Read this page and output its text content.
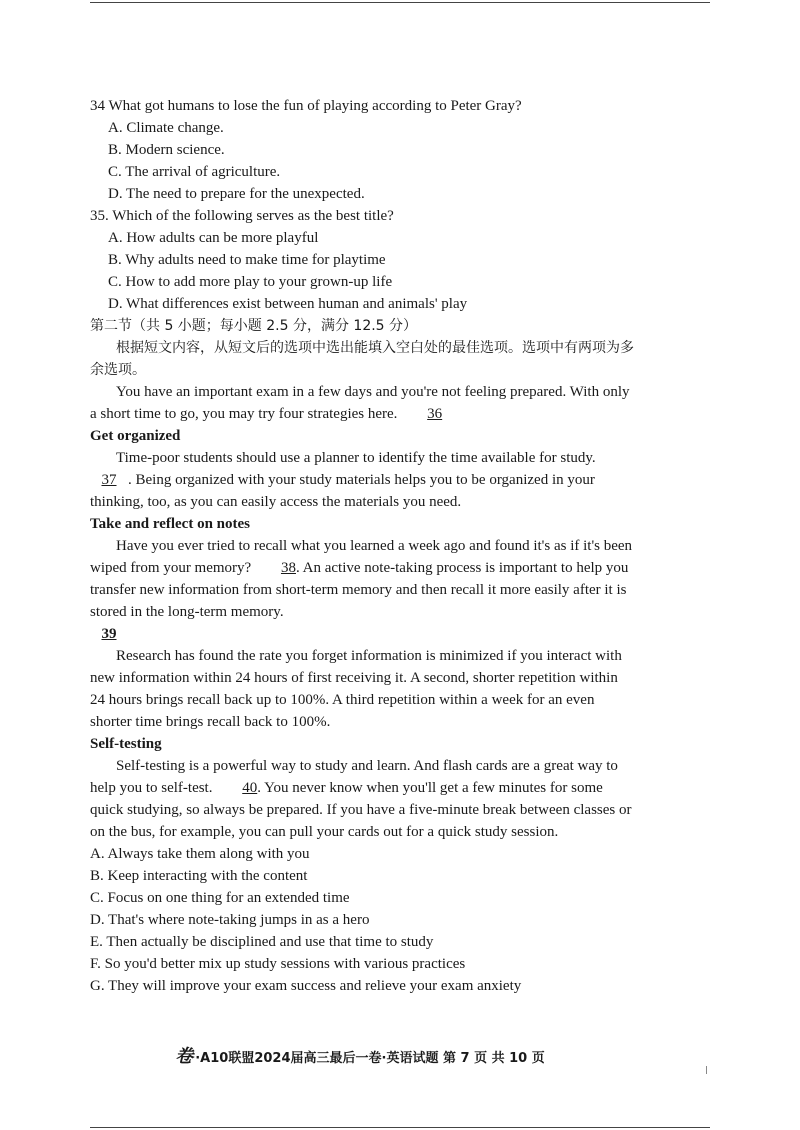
34 What got humans to lose the fun of playing according to Peter Gray?
A. Climate change.
B. Modern science.
C. The arrival of agriculture.
D. The need to prepare for the unexpected.
35. Which of the following serves as the best title?
A. How adults can be more playful
B. Why adults need to make time for playtime
C. How to add more play to your grown-up life
D. What differences exist between human and animals' play
第二节（共 5 小题；每小题 2.5 分，满分 12.5 分）
根据短文内容，从短文后的选项中选出能填入空白处的最佳选项。选项中有两项为多余选项。
You have an important exam in a few days and you're not feeling prepared. With only a short time to go, you may try four strategies here. 36
Get organized
Time-poor students should use a planner to identify the time available for study.
37 . Being organized with your study materials helps you to be organized in your thinking, too, as you can easily access the materials you need.
Take and reflect on notes
Have you ever tried to recall what you learned a week ago and found it's as if it's been wiped from your memory? 38. An active note-taking process is important to help you transfer new information from short-term memory and then recall it more easily after it is stored in the long-term memory.
39
Research has found the rate you forget information is minimized if you interact with new information within 24 hours of first receiving it. A second, shorter repetition within 24 hours brings recall back up to 100%. A third repetition within a week for an even shorter time brings recall back to 100%.
Self-testing
Self-testing is a powerful way to study and learn. And flash cards are a great way to help you to self-test. 40. You never know when you'll get a few minutes for some quick studying, so always be prepared. If you have a five-minute break between classes or on the bus, for example, you can pull your cards out for a quick study session.
A. Always take them along with you
B. Keep interacting with the content
C. Focus on one thing for an extended time
D. That's where note-taking jumps in as a hero
E. Then actually be disciplined and use that time to study
F. So you'd better mix up study sessions with various practices
G. They will improve your exam success and relieve your exam anxiety
卷 ·A10联盟2024届高三最后一卷·英语试题 第 7 页 共 10 页
